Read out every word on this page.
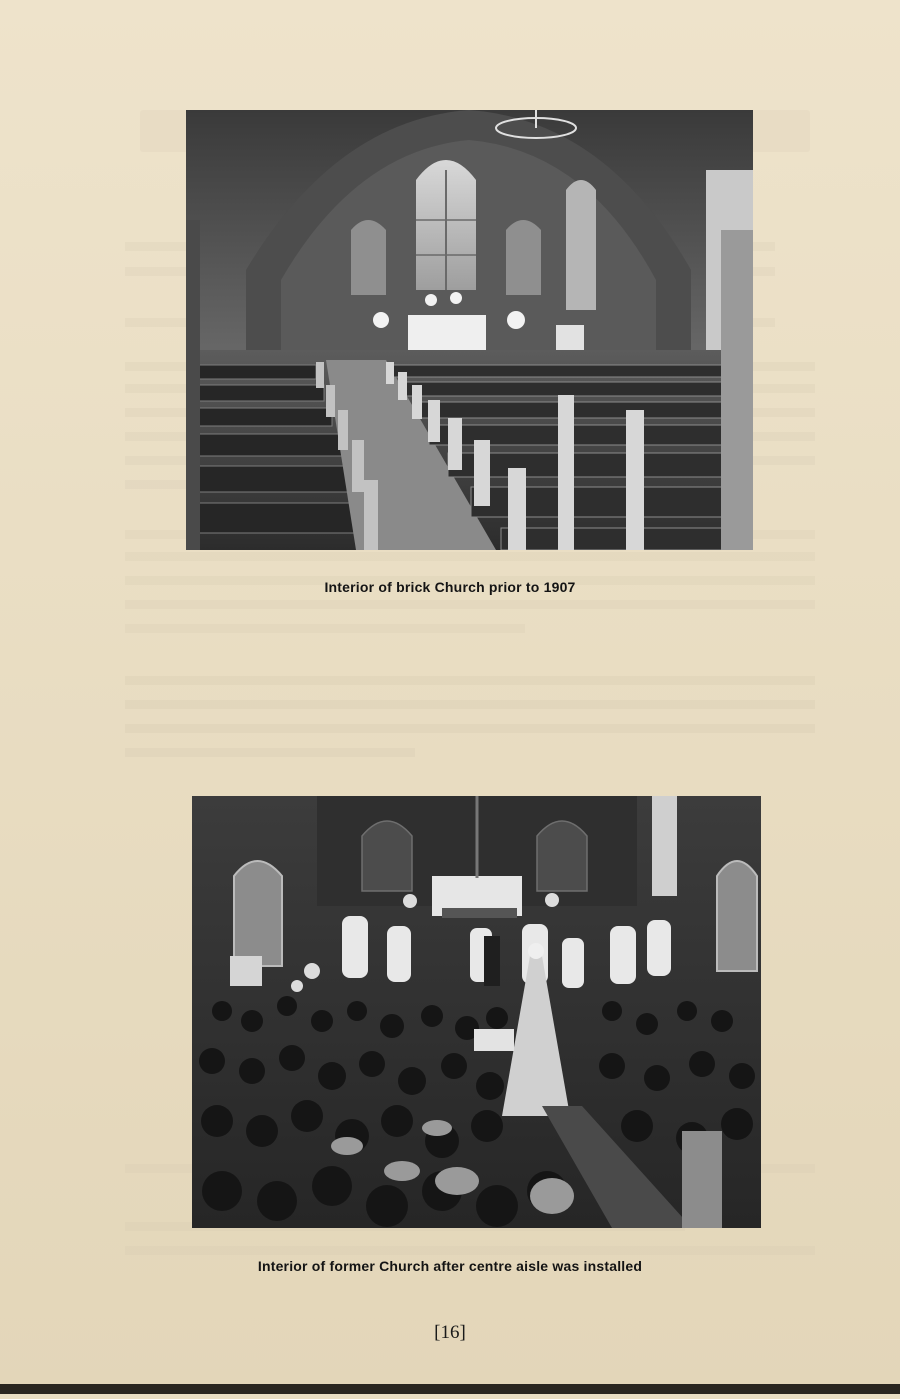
Interior of brick Church prior to 1907
Interior of former Church after centre aisle was installed
[16]
